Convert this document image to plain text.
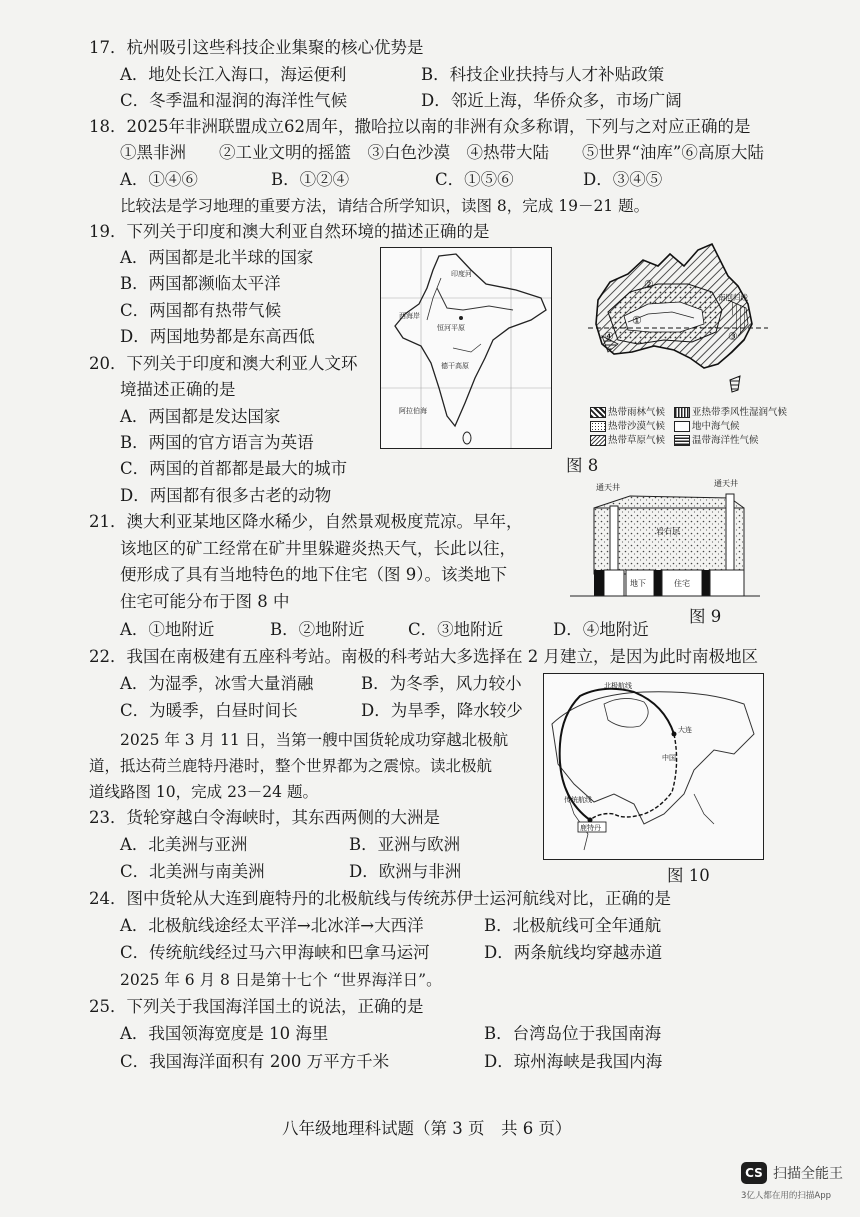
17．杭州吸引这些科技企业集聚的核心优势是
A．地处长江入海口，海运便利	B．科技企业扶持与人才补贴政策
C．冬季温和湿润的海洋性气候	D．邻近上海，华侨众多，市场广阔
18．2025年非洲联盟成立62周年，撒哈拉以南的非洲有众多称谓，下列与之对应正确的是
①黑非洲　　②工业文明的摇篮　③白色沙漠　④热带大陆　　⑤世界“油库”⑥高原大陆
A．①④⑥	B．①②④	C．①⑤⑥	D．③④⑤
比较法是学习地理的重要方法，请结合所学知识，读图 8，完成 19－21 题。
19．下列关于印度和澳大利亚自然环境的描述正确的是
A．两国都是北半球的国家
B．两国都濒临太平洋
C．两国都有热带气候
D．两国地势都是东高西低
20．下列关于印度和澳大利亚人文环
境描述正确的是
A．两国都是发达国家
B．两国的官方语言为英语
C．两国的首都都是最大的城市
D．两国都有很多古老的动物
印度河
恒河平原
西海岸
德干高原
阿拉伯海
南回归线
②
①
④	③
热带雨林气候	亚热带季风性湿润气候
热带沙漠气候	地中海气候
热带草原气候	温带海洋性气候
图 8
21．澳大利亚某地区降水稀少，自然景观极度荒凉。早年，
该地区的矿工经常在矿井里躲避炎热天气，长此以往，
便形成了具有当地特色的地下住宅（图 9）。该类地下
住宅可能分布于图 8 中
A．①地附近	B．②地附近	C．③地附近	D．④地附近
通天井	通天井
岩石层
地下	住宅
图 9
22．我国在南极建有五座科考站。南极的科考站大多选择在 2 月建立，是因为此时南极地区
A．为湿季，冰雪大量消融	B．为冬季，风力较小
C．为暖季，白昼时间长	D．为旱季，降水较少
2025 年 3 月 11 日，当第一艘中国货轮成功穿越北极航
道，抵达荷兰鹿特丹港时，整个世界都为之震惊。读北极航
道线路图 10，完成 23－24 题。
鹿特丹
北极航线
大连
中国
传统航线
图 10
23．货轮穿越白令海峡时，其东西两侧的大洲是
A．北美洲与亚洲	B．亚洲与欧洲
C．北美洲与南美洲	D．欧洲与非洲
24．图中货轮从大连到鹿特丹的北极航线与传统苏伊士运河航线对比，正确的是
A．北极航线途经太平洋→北冰洋→大西洋	B．北极航线可全年通航
C．传统航线经过马六甲海峡和巴拿马运河	D．两条航线均穿越赤道
2025 年 6 月 8 日是第十七个 “世界海洋日”。
25．下列关于我国海洋国土的说法，正确的是
A．我国领海宽度是 10 海里	B．台湾岛位于我国南海
C．我国海洋面积有 200 万平方千米	D．琼州海峡是我国内海
八年级地理科试题（第 3 页　共 6 页）
CS 扫描全能王
3亿人都在用的扫描App
